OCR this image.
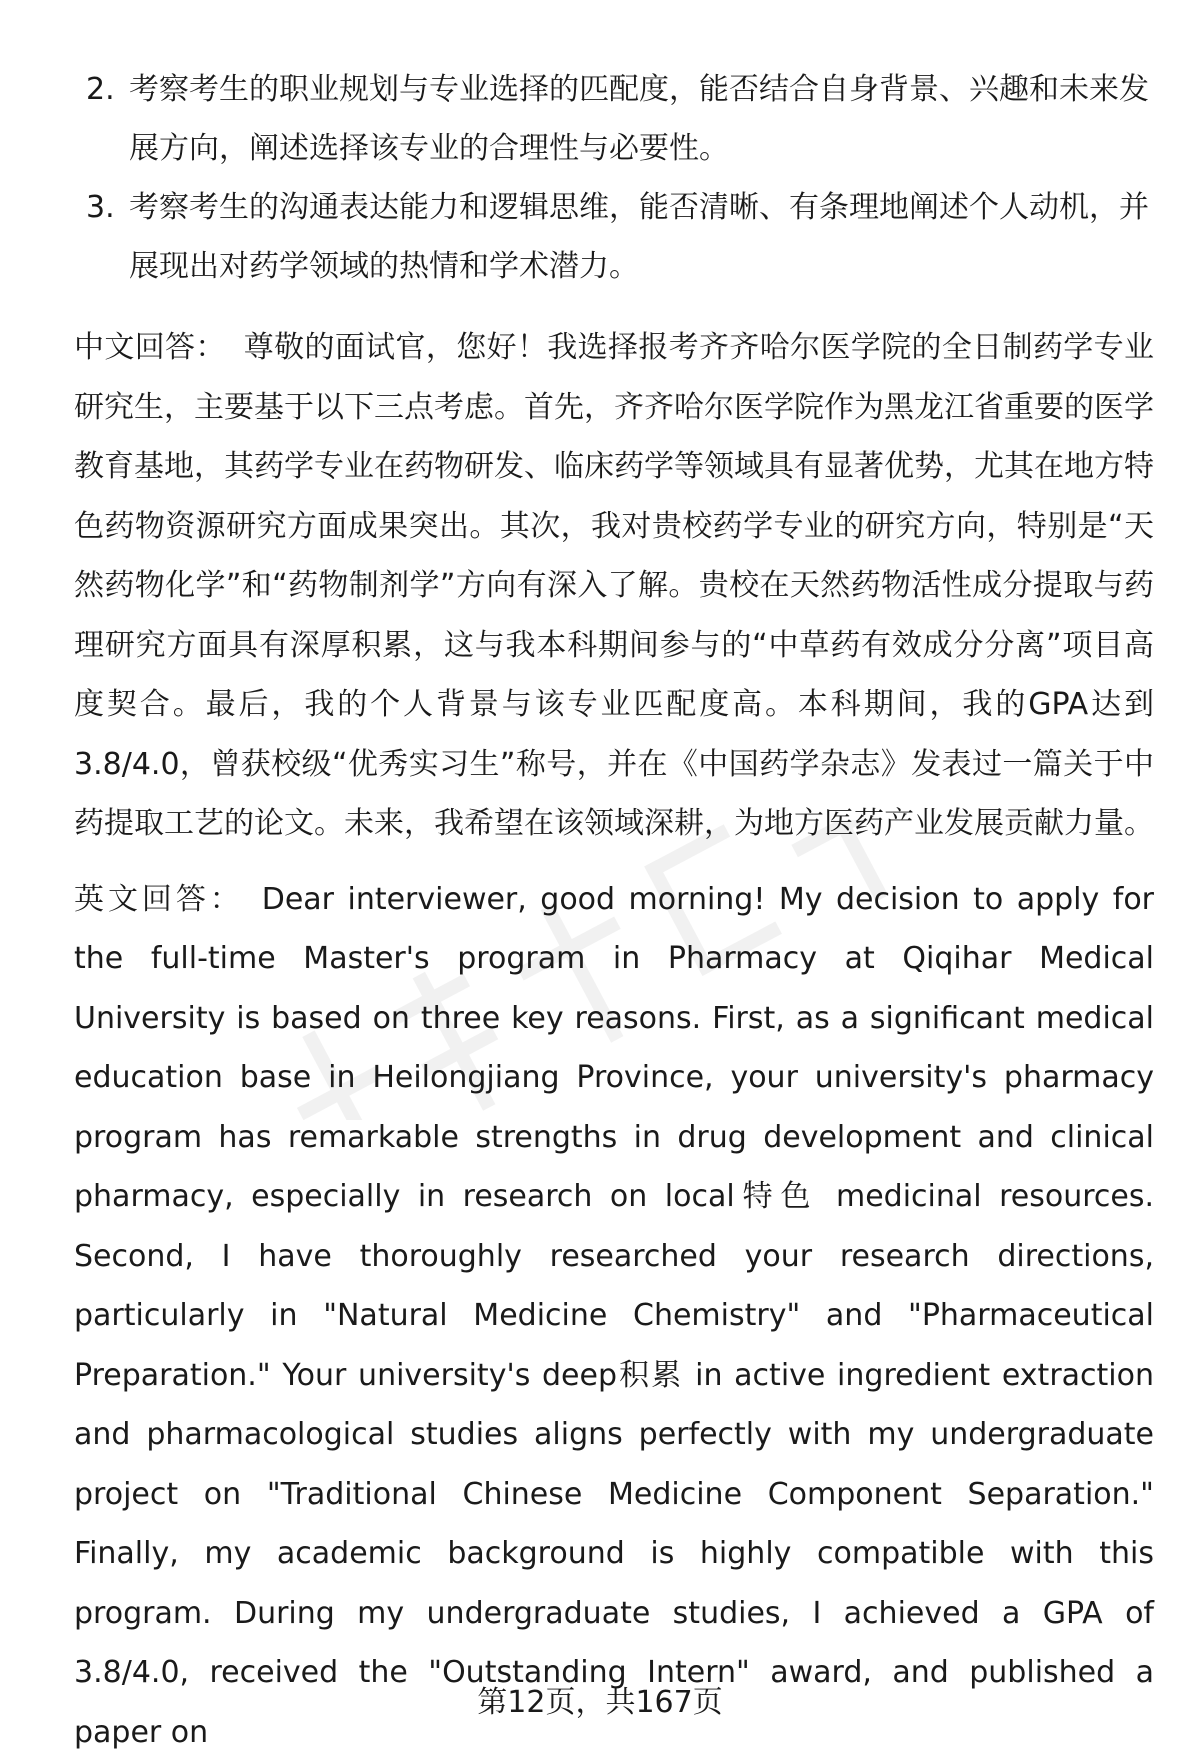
2. 考察考生的职业规划与专业选择的匹配度，能否结合自身背景、兴趣和未来发展方向，阐述选择该专业的合理性与必要性。
3. 考察考生的沟通表达能力和逻辑思维，能否清晰、有条理地阐述个人动机，并展现出对药学领域的热情和学术潜力。
中文回答： 尊敬的面试官，您好！我选择报考齐齐哈尔医学院的全日制药学专业研究生，主要基于以下三点考虑。首先，齐齐哈尔医学院作为黑龙江省重要的医学教育基地，其药学专业在药物研发、临床药学等领域具有显著优势，尤其在地方特色药物资源研究方面成果突出。其次，我对贵校药学专业的研究方向，特别是“天然药物化学”和“药物制剂学”方向有深入了解。贵校在天然药物活性成分提取与药理研究方面具有深厚积累，这与我本科期间参与的“中草药有效成分分离”项目高度契合。最后，我的个人背景与该专业匹配度高。本科期间，我的GPA达到3.8/4.0，曾获校级“优秀实习生”称号，并在《中国药学杂志》发表过一篇关于中药提取工艺的论文。未来，我希望在该领域深耕，为地方医药产业发展贡献力量。
英文回答： Dear interviewer, good morning! My decision to apply for the full-time Master's program in Pharmacy at Qiqihar Medical University is based on three key reasons. First, as a significant medical education base in Heilongjiang Province, your university's pharmacy program has remarkable strengths in drug development and clinical pharmacy, especially in research on local特色 medicinal resources. Second, I have thoroughly researched your research directions, particularly in "Natural Medicine Chemistry" and "Pharmaceutical Preparation." Your university's deep积累 in active ingredient extraction and pharmacological studies aligns perfectly with my undergraduate project on "Traditional Chinese Medicine Component Separation." Finally, my academic background is highly compatible with this program. During my undergraduate studies, I achieved a GPA of 3.8/4.0, received the "Outstanding Intern" award, and published a paper on
第12页，共167页
